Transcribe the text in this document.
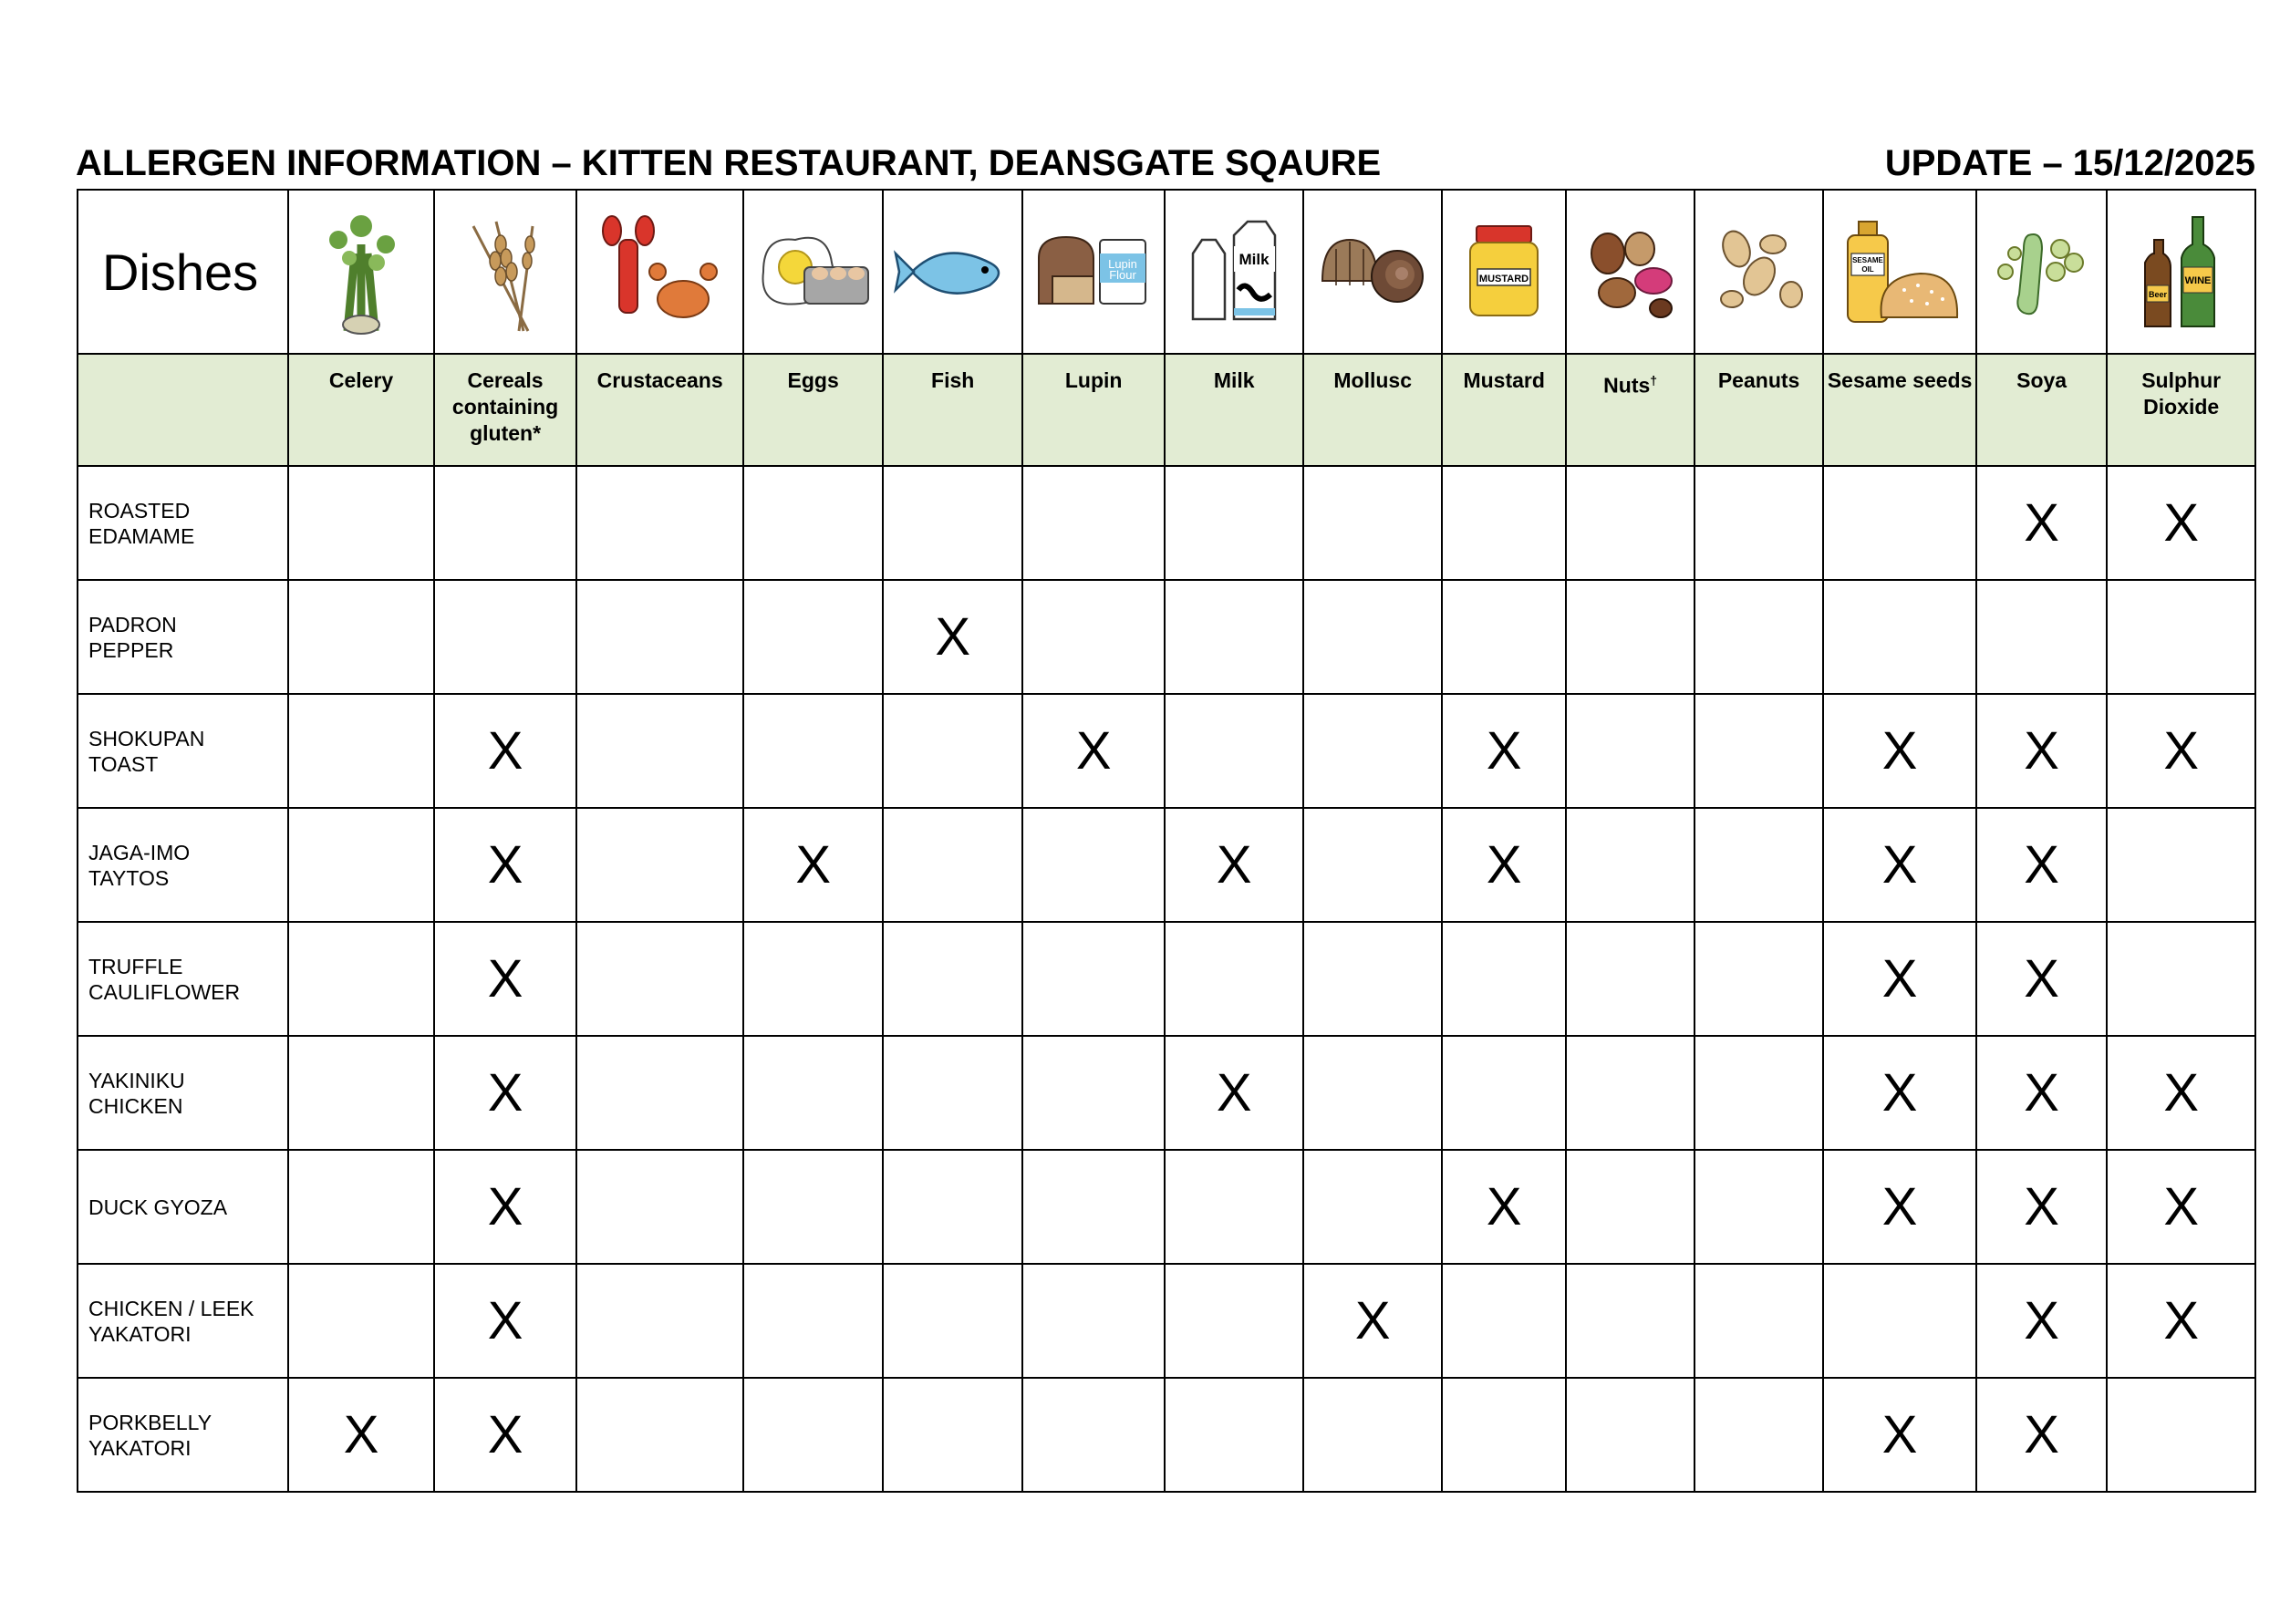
ALLERGEN INFORMATION – KITTEN RESTAURANT, DEANSGATE SQAURE	UPDATE – 15/12/2025
Dishes						Lupin
Flour	Milk		MUSTARD			SESAME
OIL		Beer
WINE

	Celery	Cereals containing gluten*	Crustaceans	Eggs	Fish	Lupin	Milk	Mollusc	Mustard	Nuts†	Peanuts	Sesame seeds	Soya	Sulphur Dioxide
ROASTED
EDAMAME													X	X
PADRON
PEPPER					X									
SHOKUPAN
TOAST		X				X			X			X	X	X
JAGA-IMO
TAYTOS		X		X			X		X			X	X	
TRUFFLE
CAULIFLOWER		X										X	X	
YAKINIKU
CHICKEN		X					X					X	X	X
DUCK GYOZA		X							X			X	X	X
CHICKEN / LEEK
YAKATORI		X						X					X	X
PORKBELLY
YAKATORI	X	X										X	X	
